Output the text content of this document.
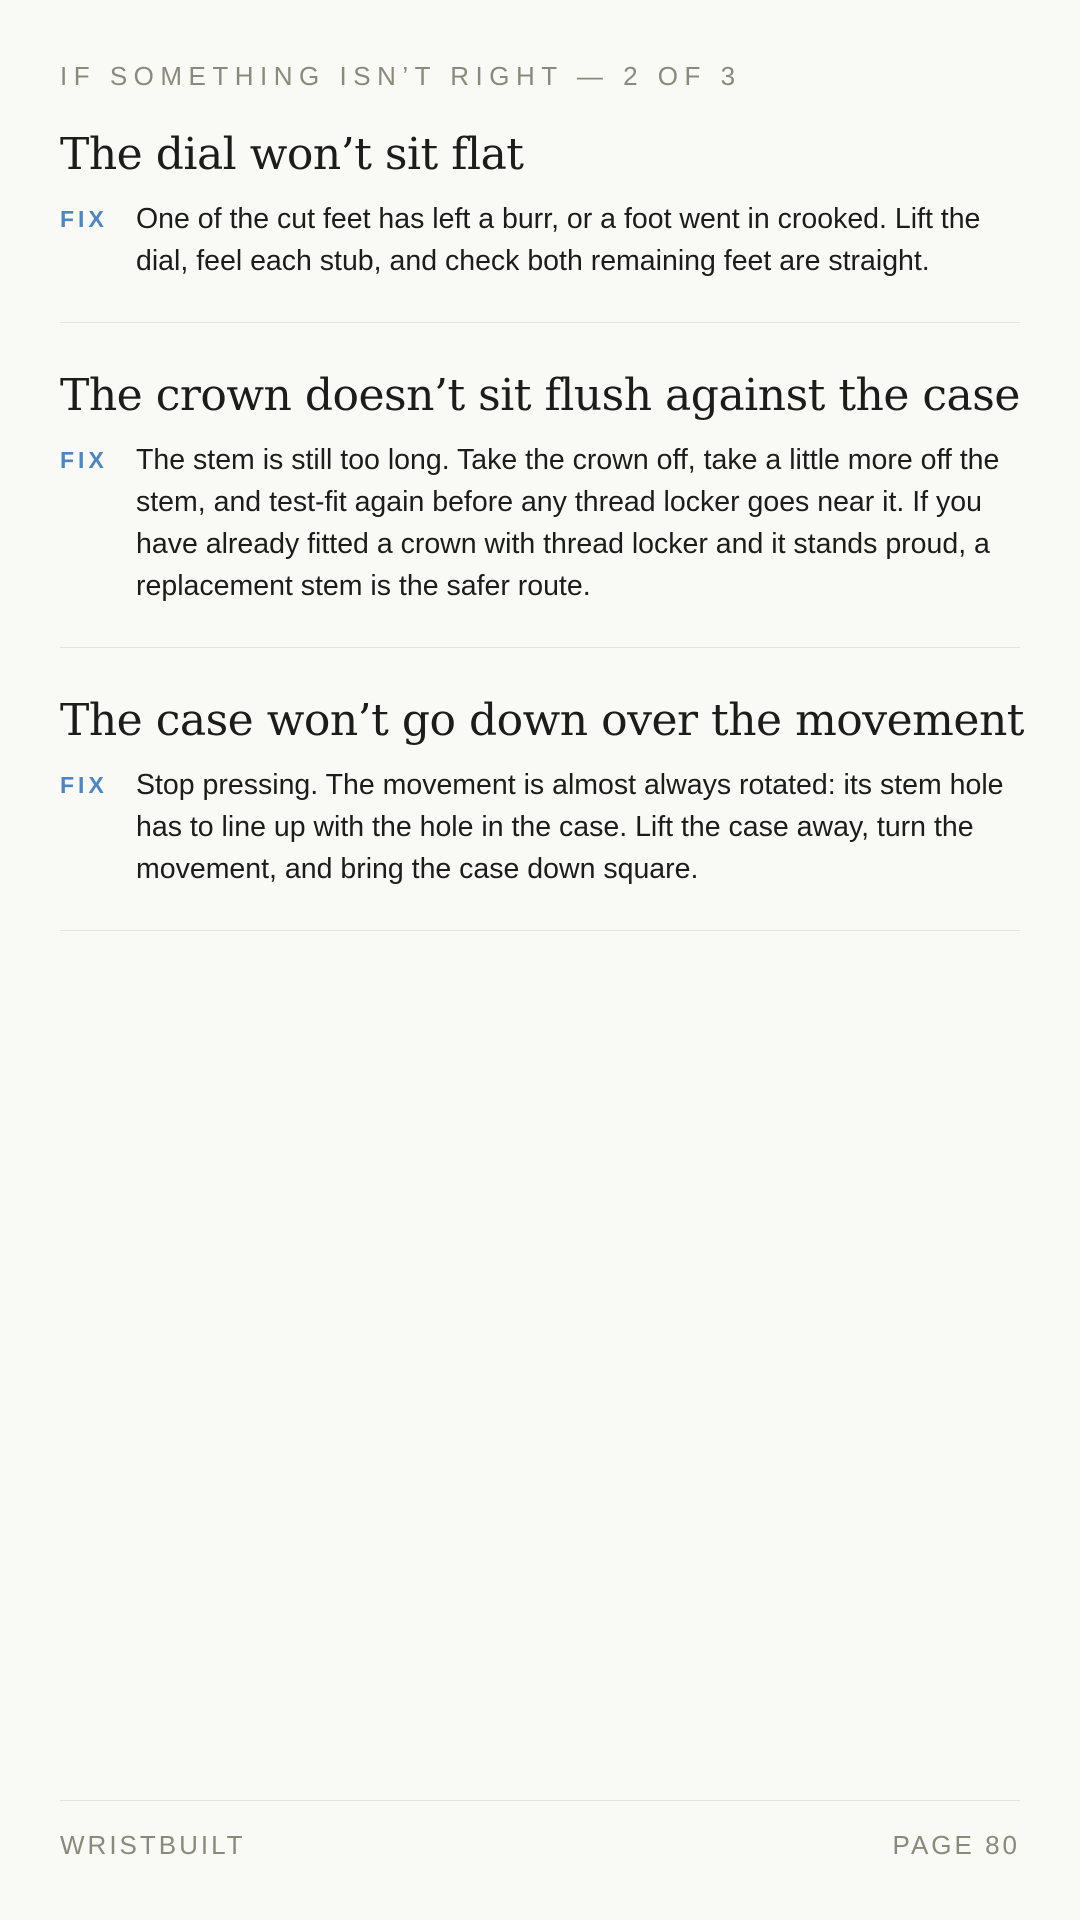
IF SOMETHING ISN’T RIGHT — 2 OF 3
The dial won’t sit flat
FIX One of the cut feet has left a burr, or a foot went in crooked. Lift the dial, feel each stub, and check both remaining feet are straight.
The crown doesn’t sit flush against the case
FIX The stem is still too long. Take the crown off, take a little more off the stem, and test-fit again before any thread locker goes near it. If you have already fitted a crown with thread locker and it stands proud, a replacement stem is the safer route.
The case won’t go down over the movement
FIX Stop pressing. The movement is almost always rotated: its stem hole has to line up with the hole in the case. Lift the case away, turn the movement, and bring the case down square.
WRISTBUILT	PAGE 80
